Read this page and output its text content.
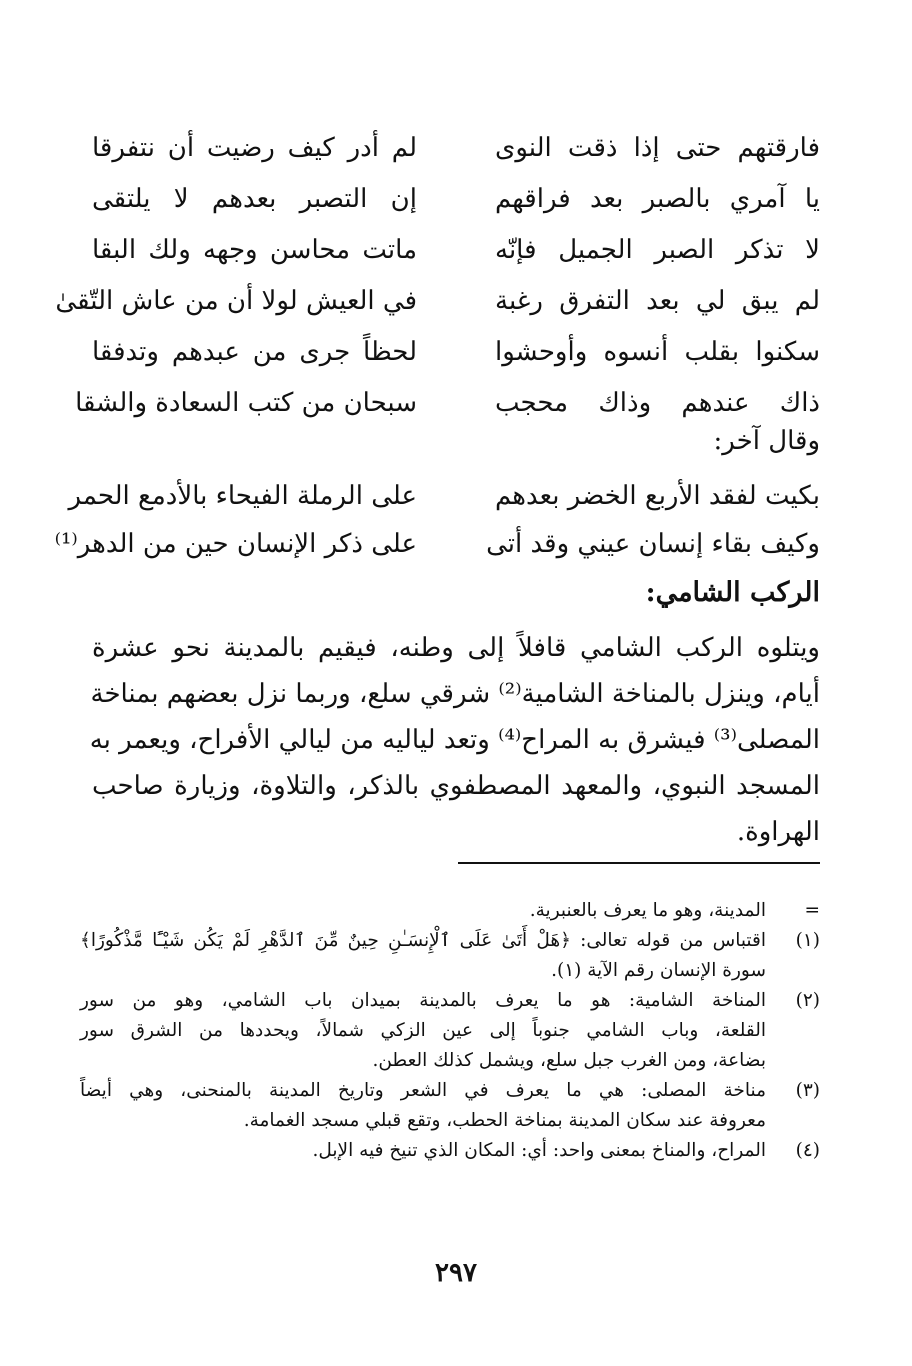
فارقتهم حتى إذا ذقت النوى
لم أدر كيف رضيت أن نتفرقا
يا آمري بالصبر بعد فراقهم
إن التصبر بعدهم لا يلتقى
لا تذكر الصبر الجميل فإنّه
ماتت محاسن وجهه ولك البقا
لم يبق لي بعد التفرق رغبة
في العيش لولا أن من عاش التّقىٰ
سكنوا بقلب أنسوه وأوحشوا
لحظاً جرى من عبدهم وتدفقا
ذاك عندهم وذاك محجب
سبحان من كتب السعادة والشقا
وقال آخر:
بكيت لفقد الأربع الخضر بعدهم
على الرملة الفيحاء بالأدمع الحمر
وكيف بقاء إنسان عيني وقد أتى
على ذكر الإنسان حين من الدهر⁽¹⁾
الركب الشامي:
ويتلوه الركب الشامي قافلاً إلى وطنه، فيقيم بالمدينة نحو عشرة
أيام، وينزل بالمناخة الشامية⁽²⁾ شرقي سلع، وربما نزل بعضهم بمناخة
المصلى⁽³⁾ فيشرق به المراح⁽⁴⁾ وتعد لياليه من ليالي الأفراح، ويعمر به
المسجد النبوي، والمعهد المصطفوي بالذكر، والتلاوة، وزيارة صاحب
الهراوة.
=
المدينة، وهو ما يعرف بالعنبرية.
(١)
اقتباس من قوله تعالى: ﴿هَلْ أَتَىٰ عَلَى ٱلْإِنسَـٰنِ حِينٌ مِّنَ ٱلدَّهْرِ لَمْ يَكُن شَيْـًٔا مَّذْكُورًا﴾
سورة الإنسان رقم الآية (١).
(٢)
المناخة الشامية: هو ما يعرف بالمدينة بميدان باب الشامي، وهو من سور
القلعة، وباب الشامي جنوباً إلى عين الزكي شمالاً، ويحددها من الشرق سور
بضاعة، ومن الغرب جبل سلع، ويشمل كذلك العطن.
(٣)
مناخة المصلى: هي ما يعرف في الشعر وتاريخ المدينة بالمنحنى، وهي أيضاً
معروفة عند سكان المدينة بمناخة الحطب، وتقع قبلي مسجد الغمامة.
(٤)
المراح، والمناخ بمعنى واحد: أي: المكان الذي تنيخ فيه الإبل.
٢٩٧
